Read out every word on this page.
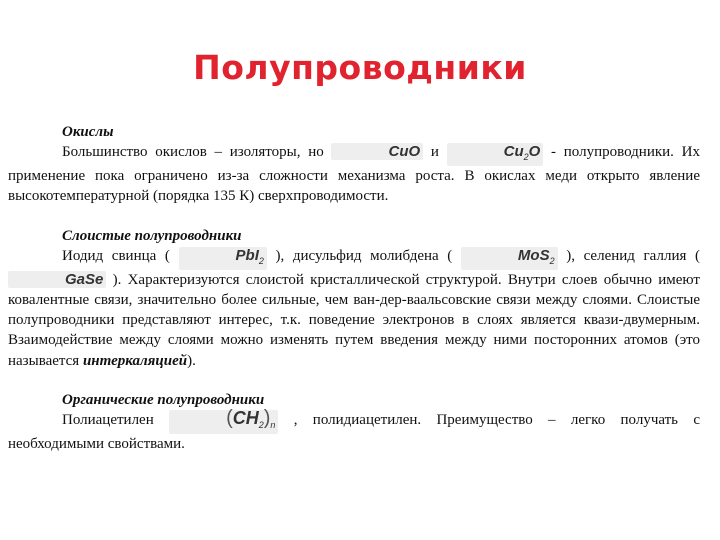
Полупроводники
Окислы

Большинство окислов – изоляторы, но	CuO и	$Cu_2O$ - полупроводники. Их применение пока ограничено из-за сложности механизма роста. В окислах меди открыто явление высокотемпературной (порядка 135 К) сверхпроводимости.

Слоистые полупроводники

Иодид свинца (	PbI$_2$ ), дисульфид молибдена (	MoS$_2$ ), селенид галлия ( GaSe ). Характеризуются слоистой кристаллической структурой. Внутри слоев обычно имеют ковалентные связи, значительно более сильные, чем ван-дер-ваальсовские связи между слоями. Слоистые полупроводники представляют интерес, т.к. поведение электронов в слоях является квази-двумерным. Взаимодействие между слоями можно изменять путем введения между ними посторонних атомов (это называется интеркаляцией).

Органические полупроводники

Полиацетилен	$(CH_2)_n$ , полидиацетилен. Преимущество – легко получать с необходимыми свойствами.
